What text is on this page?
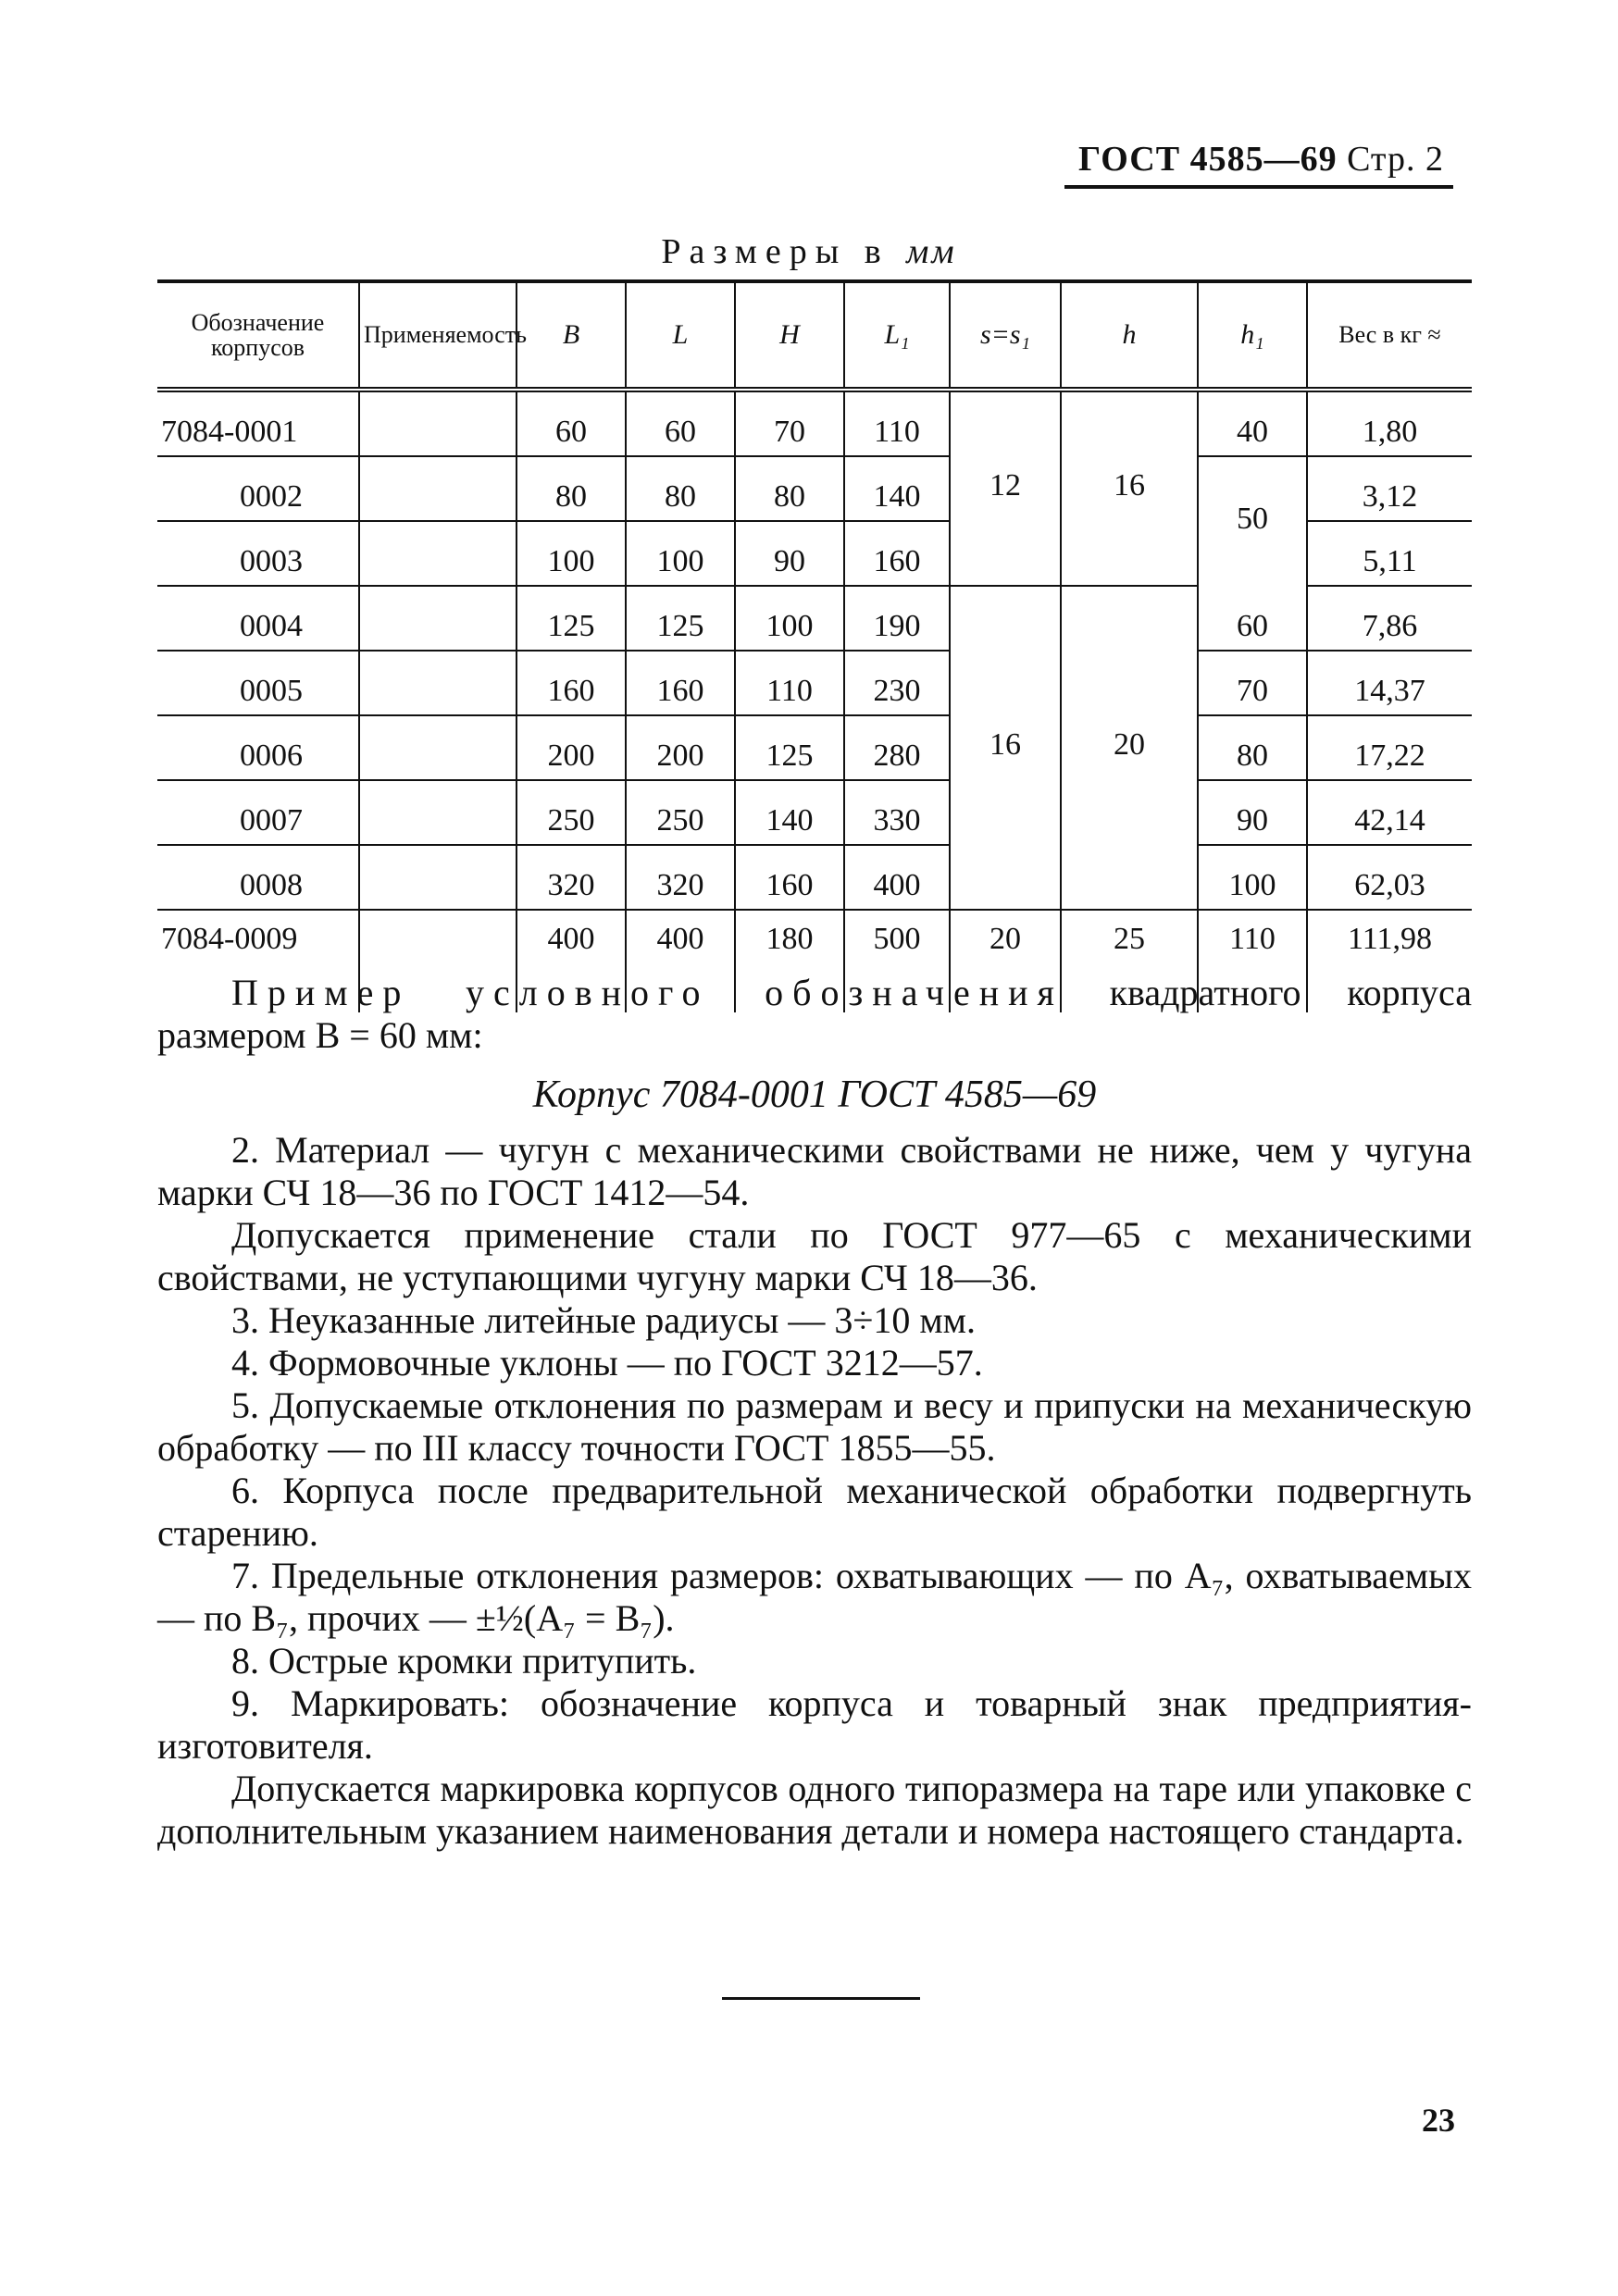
ГОСТ 4585—69 Стр. 2
Размеры в мм
Обозначение корпусов	Применяемость	B	L	H	L₁	s=s₁	h	h₁	Вес в кг ≈
7084-0001		60	60	70	110	12	16	40	1,80
0002		80	80	80	140			50	3,12
0003		100	100	90	160				5,11
0004		125	125	100	190	16	20	60	7,86
0005		160	160	110	230			70	14,37
0006		200	200	125	280			80	17,22
0007		250	250	140	330			90	42,14
0008		320	320	160	400			100	62,03
7084-0009		400	400	180	500	20	25	110	111,98

Пример условного обозначения квадратного корпуса размером B = 60 мм:

Корпус 7084-0001 ГОСТ 4585—69

2. Материал — чугун с механическими свойствами не ниже, чем у чугуна марки СЧ 18—36 по ГОСТ 1412—54.

Допускается применение стали по ГОСТ 977—65 с механическими свойствами, не уступающими чугуну марки СЧ 18—36.

3. Неуказанные литейные радиусы — 3÷10 мм.

4. Формовочные уклоны — по ГОСТ 3212—57.

5. Допускаемые отклонения по размерам и весу и припуски на механическую обработку — по III классу точности ГОСТ 1855—55.

6. Корпуса после предварительной механической обработки подвергнуть старению.

7. Предельные отклонения размеров: охватывающих — по A₇, охватываемых — по B₇, прочих — ±½(A₇ = B₇).

8. Острые кромки притупить.

9. Маркировать: обозначение корпуса и товарный знак предприятия-изготовителя.

Допускается маркировка корпусов одного типоразмера на таре или упаковке с дополнительным указанием наименования детали и номера настоящего стандарта.

23
